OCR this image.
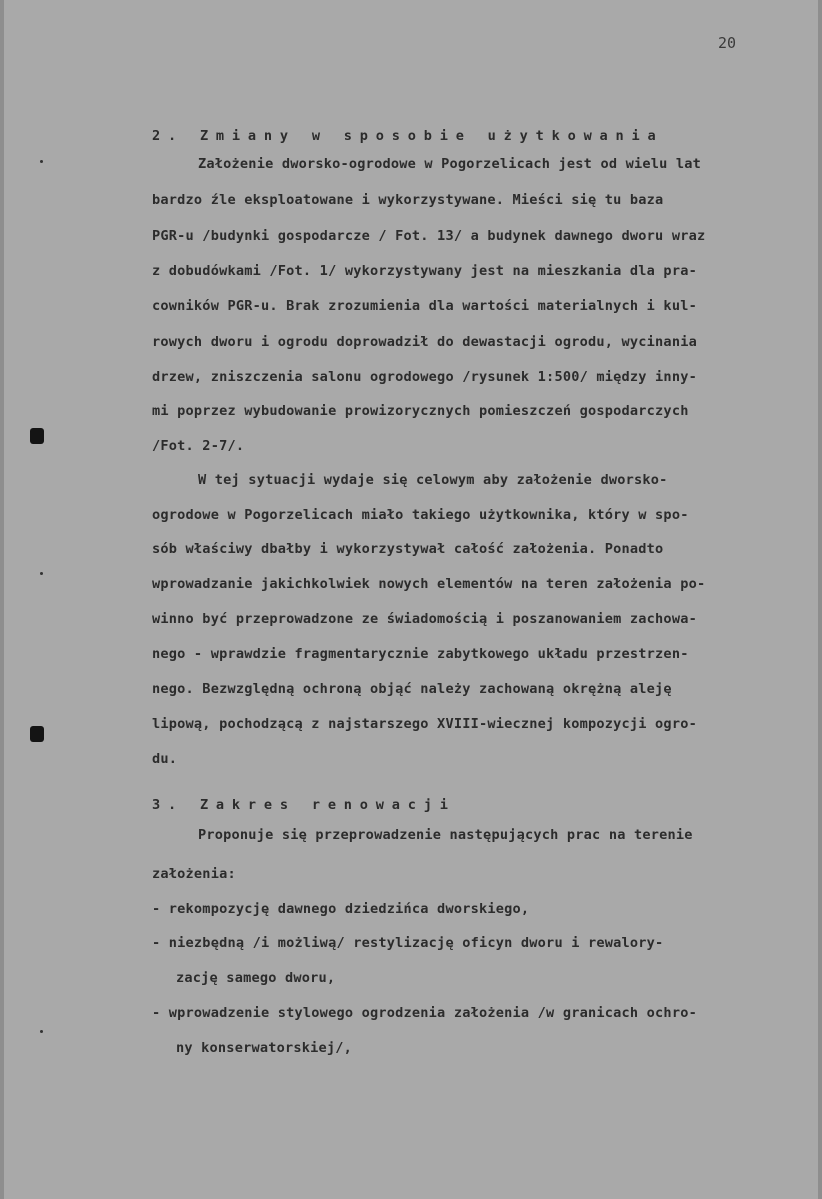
20
2. Zmiany w sposobie użytkowania
Założenie dworsko-ogrodowe w Pogorzelicach jest od wielu lat
bardzo źle eksploatowane i wykorzystywane. Mieści się tu baza
PGR-u /budynki gospodarcze / Fot. 13/ a budynek dawnego dworu wraz
z dobudówkami /Fot. 1/ wykorzystywany jest na mieszkania dla pra-
cowników PGR-u. Brak zrozumienia dla wartości materialnych i kul-
rowych dworu i ogrodu doprowadził do dewastacji ogrodu, wycinania
drzew, zniszczenia salonu ogrodowego /rysunek 1:500/ między inny-
mi poprzez wybudowanie prowizorycznych pomieszczeń gospodarczych
/Fot. 2-7/.
W tej sytuacji wydaje się celowym aby założenie dworsko-
ogrodowe w Pogorzelicach miało takiego użytkownika, który w spo-
sób właściwy dbałby i wykorzystywał całość założenia. Ponadto
wprowadzanie jakichkolwiek nowych elementów na teren założenia po-
winno być przeprowadzone ze świadomością i poszanowaniem zachowa-
nego - wprawdzie fragmentarycznie zabytkowego układu przestrzen-
nego. Bezwzględną ochroną objąć należy zachowaną okrężną aleję
lipową, pochodzącą z najstarszego XVIII-wiecznej kompozycji ogro-
du.
3. Zakres renowacji
Proponuje się przeprowadzenie następujących prac na terenie
założenia:
- rekompozycję dawnego dziedzińca dworskiego,
- niezbędną /i możliwą/ restylizację oficyn dworu i rewalory-
zację samego dworu,
- wprowadzenie stylowego ogrodzenia założenia /w granicach ochro-
ny konserwatorskiej/,
